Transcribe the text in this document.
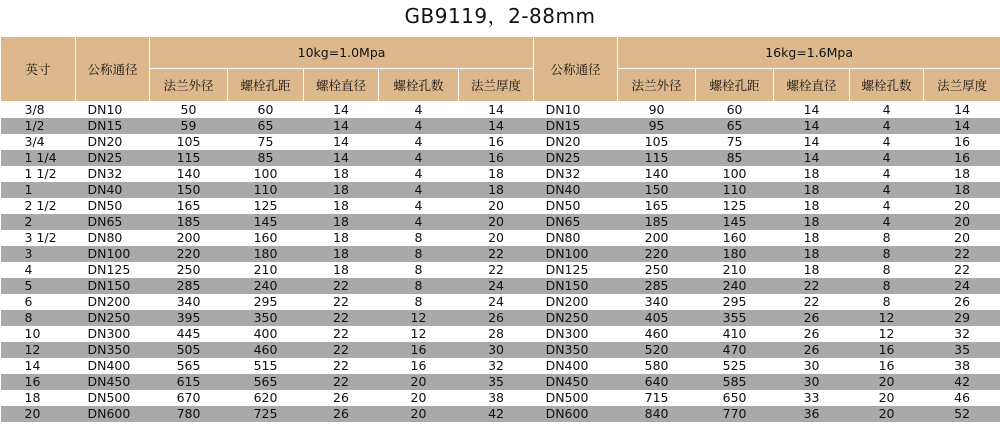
GB9119，2-88mm
英寸	公称通径	10kg=1.0Mpa					公称通径	16kg=1.6Mpa				
		法兰外径	螺栓孔距	螺栓直径	螺栓孔数	法兰厚度		法兰外径	螺栓孔距	螺栓直径	螺栓孔数	法兰厚度
3/8	DN10	50	60	14	4	14	DN10	90	60	14	4	14
1/2	DN15	59	65	14	4	14	DN15	95	65	14	4	14
3/4	DN20	105	75	14	4	16	DN20	105	75	14	4	16
1 1/4	DN25	115	85	14	4	16	DN25	115	85	14	4	16
1 1/2	DN32	140	100	18	4	18	DN32	140	100	18	4	18
1	DN40	150	110	18	4	18	DN40	150	110	18	4	18
2 1/2	DN50	165	125	18	4	20	DN50	165	125	18	4	20
2	DN65	185	145	18	4	20	DN65	185	145	18	4	20
3 1/2	DN80	200	160	18	8	20	DN80	200	160	18	8	20
3	DN100	220	180	18	8	22	DN100	220	180	18	8	22
4	DN125	250	210	18	8	22	DN125	250	210	18	8	22
5	DN150	285	240	22	8	24	DN150	285	240	22	8	24
6	DN200	340	295	22	8	24	DN200	340	295	22	8	26
8	DN250	395	350	22	12	26	DN250	405	355	26	12	29
10	DN300	445	400	22	12	28	DN300	460	410	26	12	32
12	DN350	505	460	22	16	30	DN350	520	470	26	16	35
14	DN400	565	515	22	16	32	DN400	580	525	30	16	38
16	DN450	615	565	22	20	35	DN450	640	585	30	20	42
18	DN500	670	620	26	20	38	DN500	715	650	33	20	46
20	DN600	780	725	26	20	42	DN600	840	770	36	20	52
